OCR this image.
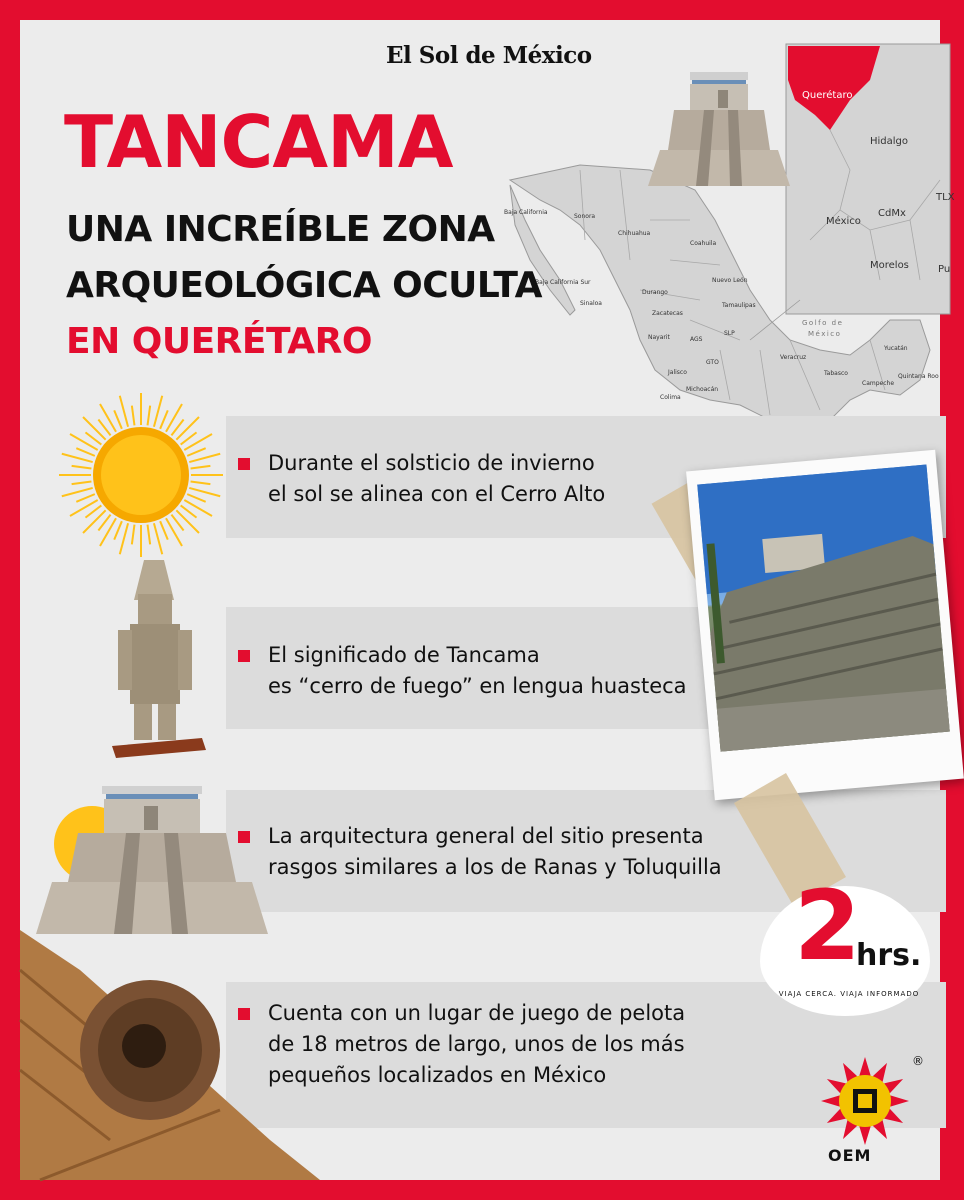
El Sol de México
Baja California
Sonora
Chihuahua
Coahuila
Baja California Sur	Nuevo León
Sinaloa
Durango
Tamaulipas
Zacatecas
Nayarit	AGS
SLP
Jalisco
GTO
Colima
Michoacán
Veracruz
Tabasco
Campeche
Yucatán
Quintana Roo
Golfo de
México
Querétaro
Hidalgo
TLX
México
CdMx
Morelos	Pu
TANCAMA
UNA INCREÍBLE ZONA
ARQUEOLÓGICA OCULTA
EN QUERÉTARO
Durante el solsticio de invierno
el sol se alinea con el Cerro Alto
El significado de Tancama
es “cerro de fuego” en lengua huasteca
La arquitectura general del sitio presenta
rasgos similares a los de Ranas y Toluquilla
Cuenta con un lugar de juego de pelota
de 18 metros de largo, unos de los más
pequeños localizados en México
2
hrs.
VIAJA CERCA. VIAJA INFORMADO
®
OEM
